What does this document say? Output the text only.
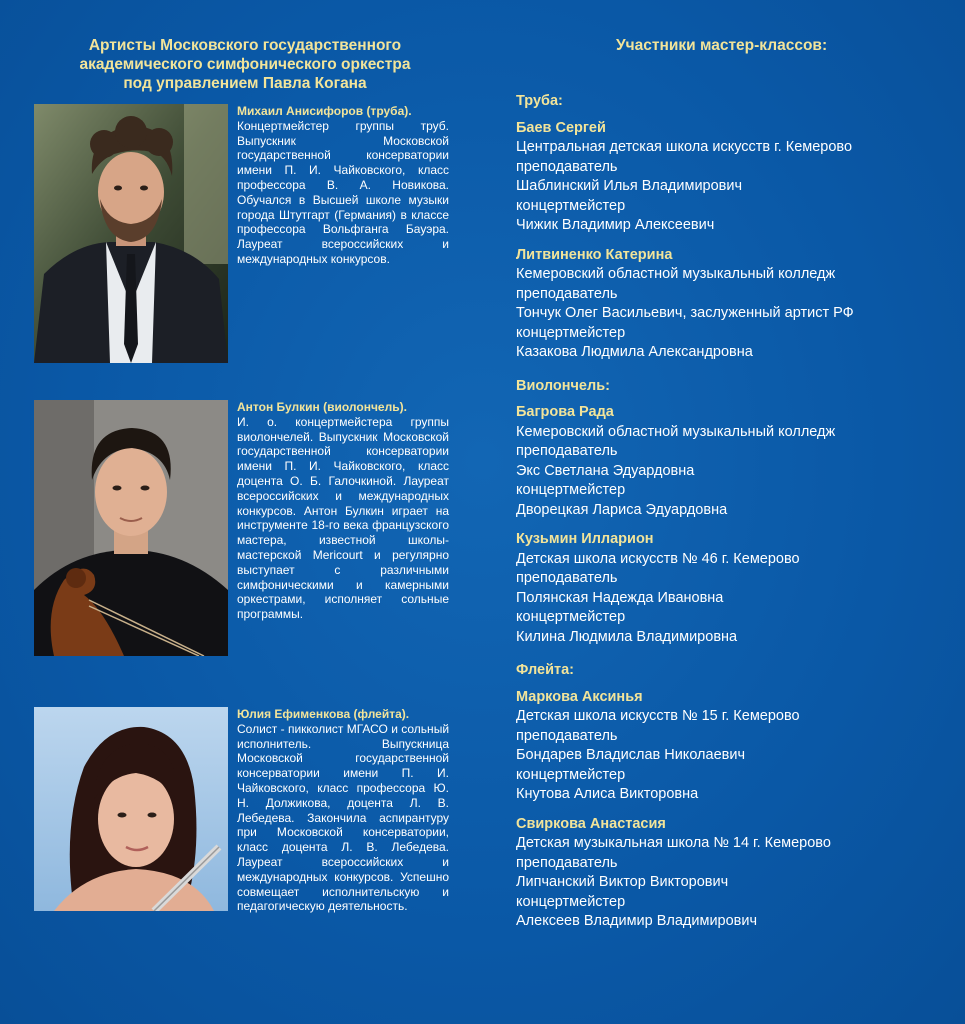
Артисты Московского государственного
академического симфонического оркестра
под управлением Павла Когана
Михаил Анисифоров (труба).
Концертмейстер группы труб. Выпускник Московской государственной консерватории имени П. И. Чайковского, класс профессора В. А. Новикова. Обучался в Высшей школе музыки города Штутгарт (Германия) в классе профессора Вольфганга Бауэра. Лауреат всероссийских и международных конкурсов.
Антон Булкин (виолончель).
И. о. концертмейстера группы виолончелей. Выпускник Московской государственной консерватории имени П. И. Чайковского, класс доцента О. Б. Галочкиной. Лауреат всероссийских и международных конкурсов. Антон Булкин играет на инструменте 18-го века французского мастера, известной школы-мастерской Mericourt и регулярно выступает с различными симфоническими и камерными оркестрами, исполняет сольные программы.
Юлия Ефименкова (флейта).
Солист - пикколист МГАСО и сольный исполнитель. Выпускница Московской государственной консерватории имени П. И. Чайковского, класс профессора Ю. Н. Должикова, доцента Л. В. Лебедева. Закончила аспирантуру при Московской консерватории, класс доцента Л. В. Лебедева. Лауреат всероссийских и международных конкурсов. Успешно совмещает исполнительскую и педагогическую деятельность.
Участники мастер-классов:
Труба:
Баев Сергей
Центральная детская школа искусств г. Кемерово
преподаватель
Шаблинский Илья Владимирович
концертмейстер
Чижик Владимир Алексеевич
Литвиненко Катерина
Кемеровский областной музыкальный колледж
преподаватель
Тончук Олег Васильевич, заслуженный артист РФ
концертмейстер
Казакова Людмила Александровна
Виолончель:
Багрова Рада
Кемеровский областной музыкальный колледж
преподаватель
Экс Светлана Эдуардовна
концертмейстер
Дворецкая Лариса Эдуардовна
Кузьмин Илларион
Детская школа искусств № 46 г. Кемерово
преподаватель
Полянская Надежда Ивановна
концертмейстер
Килина Людмила Владимировна
Флейта:
Маркова Аксинья
Детская школа искусств № 15 г. Кемерово
преподаватель
Бондарев Владислав Николаевич
концертмейстер
Кнутова Алиса Викторовна
Свиркова Анастасия
Детская музыкальная школа № 14 г. Кемерово
преподаватель
Липчанский Виктор Викторович
концертмейстер
Алексеев Владимир Владимирович
